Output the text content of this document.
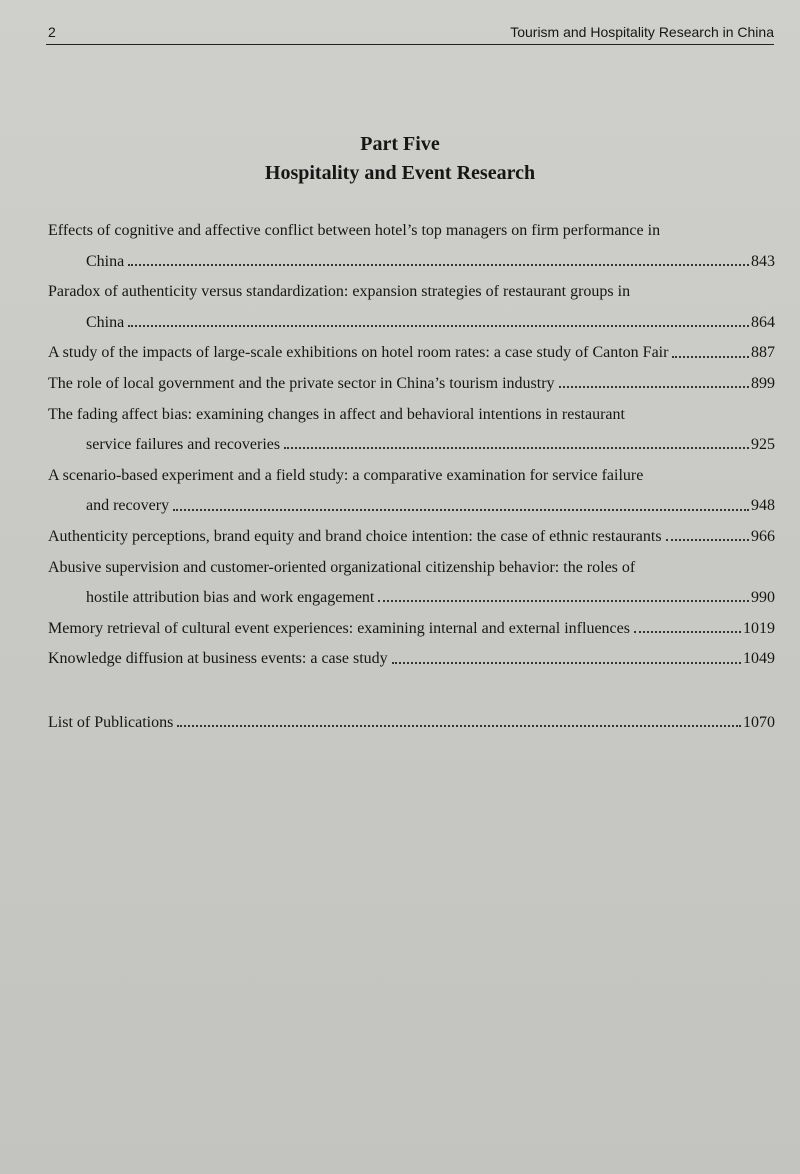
2	Tourism and Hospitality Research in China
Part Five
Hospitality and Event Research
Effects of cognitive and affective conflict between hotel’s top managers on firm performance in
China	843
Paradox of authenticity versus standardization: expansion strategies of restaurant groups in
China	864
A study of the impacts of large-scale exhibitions on hotel room rates: a case study of Canton Fair	887
The role of local government and the private sector in China’s tourism industry	899
The fading affect bias: examining changes in affect and behavioral intentions in restaurant
service failures and recoveries	925
A scenario-based experiment and a field study: a comparative examination for service failure
and recovery	948
Authenticity perceptions, brand equity and brand choice intention: the case of ethnic restaurants	966
Abusive supervision and customer-oriented organizational citizenship behavior: the roles of
hostile attribution bias and work engagement	990
Memory retrieval of cultural event experiences: examining internal and external influences	1019
Knowledge diffusion at business events: a case study	1049
List of Publications	1070
